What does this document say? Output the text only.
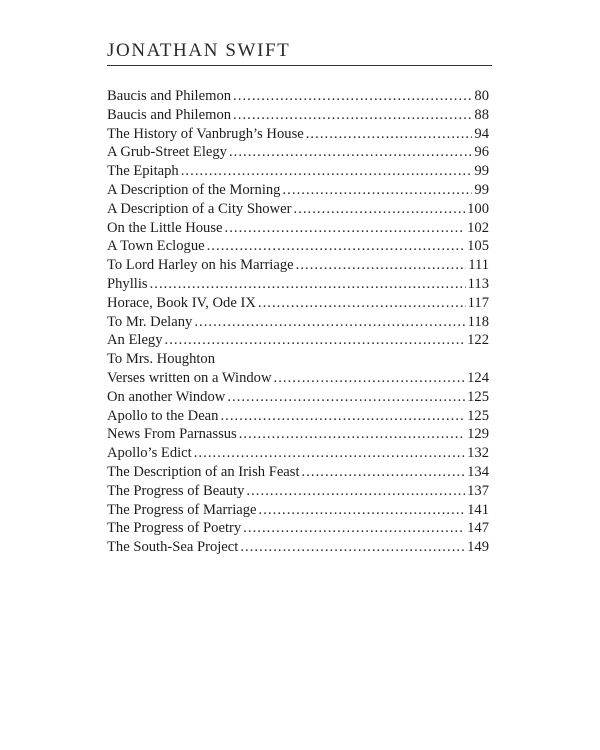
JONATHAN SWIFT
Baucis and Philemon . . .	80
Baucis and Philemon . . .	88
The History of Vanbrugh’s House . . .	94
A Grub-Street Elegy . . .	96
The Epitaph . . .	99
A Description of the Morning . . .	99
A Description of a City Shower . . .	100
On the Little House . . .	102
A Town Eclogue . . .	105
To Lord Harley on his Marriage . . .	111
Phyllis . . .	113
Horace, Book IV, Ode IX . . .	117
To Mr. Delany . . .	118
An Elegy . . .	122
To Mrs. Houghton
Verses written on a Window . . .	124
On another Window . . .	125
Apollo to the Dean . . .	125
News From Parnassus . . .	129
Apollo’s Edict . . .	132
The Description of an Irish Feast . . .	134
The Progress of Beauty . . .	137
The Progress of Marriage . . .	141
The Progress of Poetry . . .	147
The South-Sea Project . . .	149
